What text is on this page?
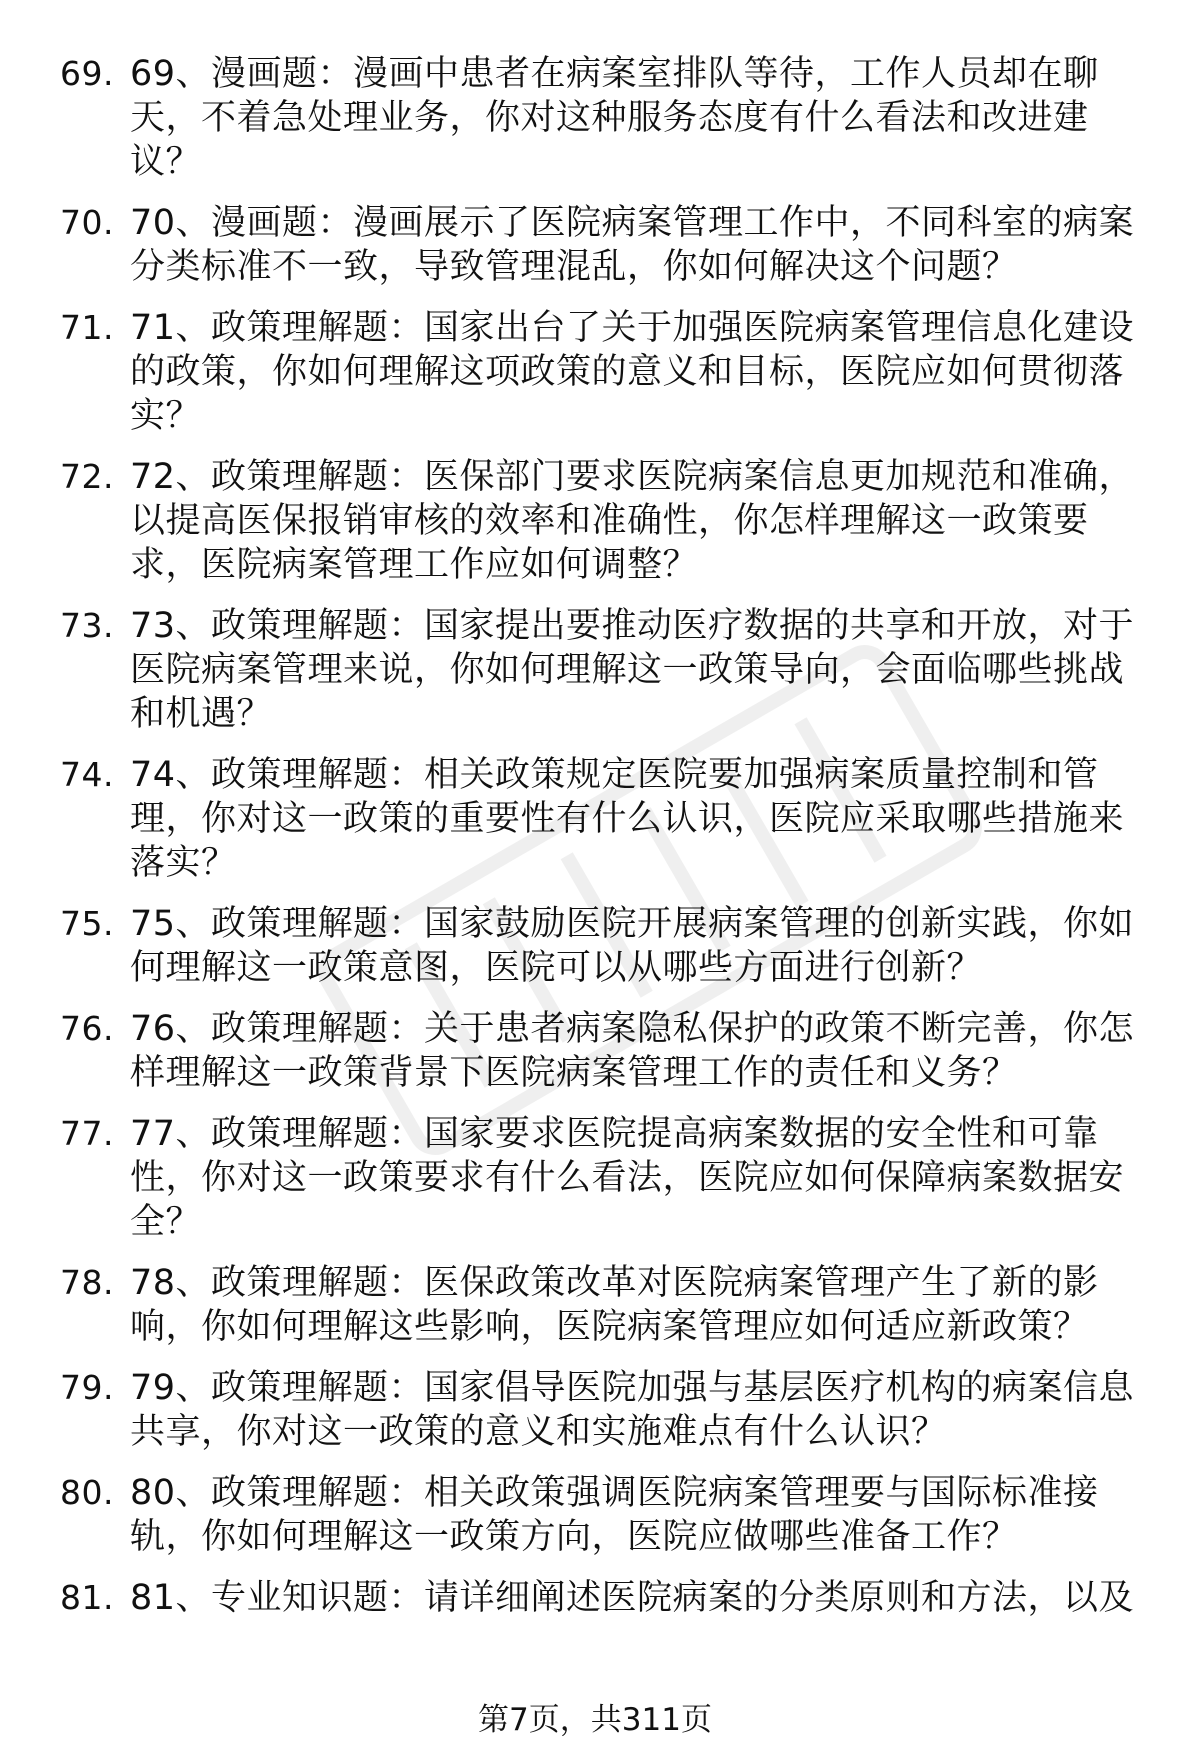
69. 69、漫画题：漫画中患者在病案室排队等待，工作人员却在聊天，不着急处理业务，你对这种服务态度有什么看法和改进建议？
70. 70、漫画题：漫画展示了医院病案管理工作中，不同科室的病案分类标准不一致，导致管理混乱，你如何解决这个问题？
71. 71、政策理解题：国家出台了关于加强医院病案管理信息化建设的政策，你如何理解这项政策的意义和目标，医院应如何贯彻落实？
72. 72、政策理解题：医保部门要求医院病案信息更加规范和准确，以提高医保报销审核的效率和准确性，你怎样理解这一政策要求，医院病案管理工作应如何调整？
73. 73、政策理解题：国家提出要推动医疗数据的共享和开放，对于医院病案管理来说，你如何理解这一政策导向，会面临哪些挑战和机遇？
74. 74、政策理解题：相关政策规定医院要加强病案质量控制和管理，你对这一政策的重要性有什么认识，医院应采取哪些措施来落实？
75. 75、政策理解题：国家鼓励医院开展病案管理的创新实践，你如何理解这一政策意图，医院可以从哪些方面进行创新？
76. 76、政策理解题：关于患者病案隐私保护的政策不断完善，你怎样理解这一政策背景下医院病案管理工作的责任和义务？
77. 77、政策理解题：国家要求医院提高病案数据的安全性和可靠性，你对这一政策要求有什么看法，医院应如何保障病案数据安全？
78. 78、政策理解题：医保政策改革对医院病案管理产生了新的影响，你如何理解这些影响，医院病案管理应如何适应新政策？
79. 79、政策理解题：国家倡导医院加强与基层医疗机构的病案信息共享，你对这一政策的意义和实施难点有什么认识？
80. 80、政策理解题：相关政策强调医院病案管理要与国际标准接轨，你如何理解这一政策方向，医院应做哪些准备工作？
81. 81、专业知识题：请详细阐述医院病案的分类原则和方法，以及
第7页，共311页
